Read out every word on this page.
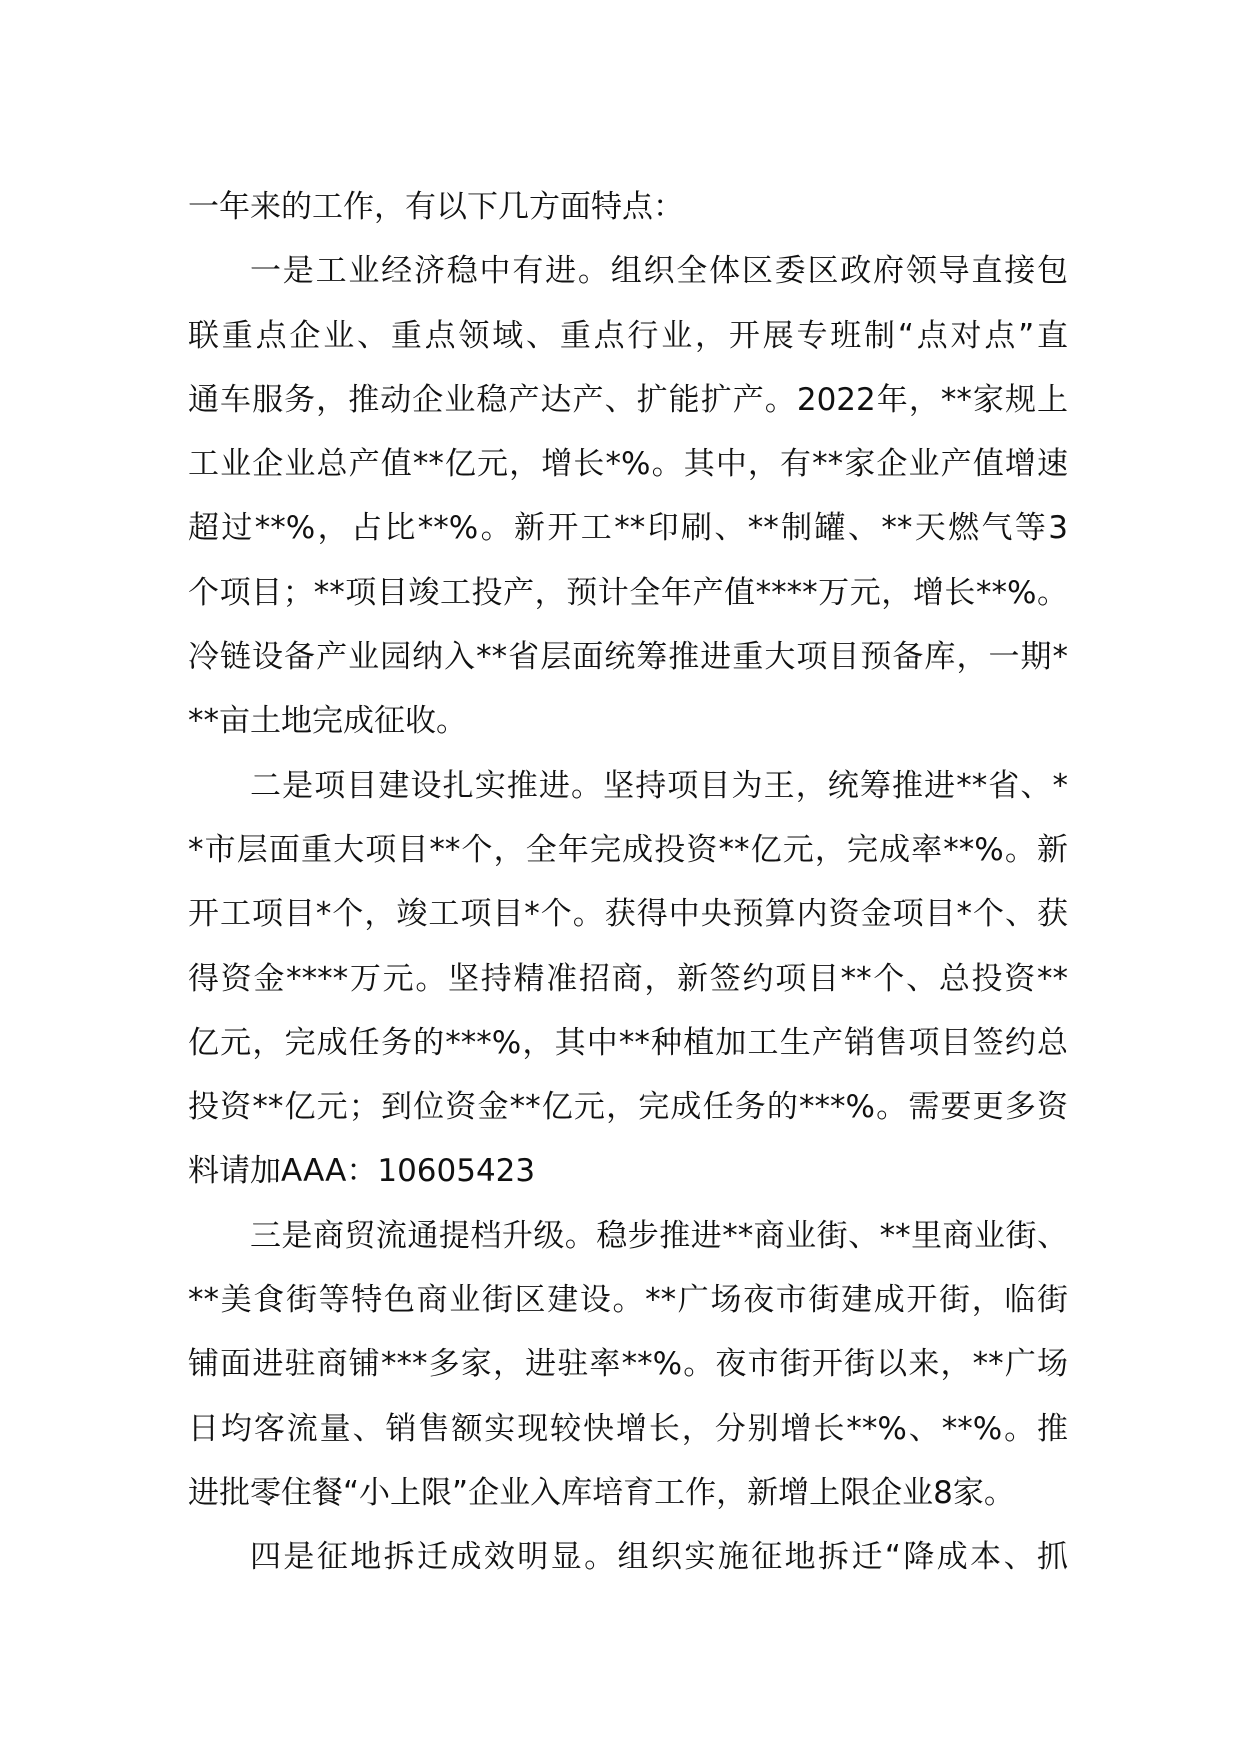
一年来的工作，有以下几方面特点：
一是工业经济稳中有进。组织全体区委区政府领导直接包
联重点企业、重点领域、重点行业，开展专班制“点对点”直
通车服务，推动企业稳产达产、扩能扩产。2022年，**家规上
工业企业总产值**亿元，增长*%。其中，有**家企业产值增速
超过**%，占比**%。新开工**印刷、**制罐、**天燃气等3
个项目；**项目竣工投产，预计全年产值****万元，增长**%。
冷链设备产业园纳入**省层面统筹推进重大项目预备库，一期*
**亩土地完成征收。
二是项目建设扎实推进。坚持项目为王，统筹推进**省、*
*市层面重大项目**个，全年完成投资**亿元，完成率**%。新
开工项目*个，竣工项目*个。获得中央预算内资金项目*个、获
得资金****万元。坚持精准招商，新签约项目**个、总投资**
亿元，完成任务的***%，其中**种植加工生产销售项目签约总
投资**亿元；到位资金**亿元，完成任务的***%。需要更多资
料请加AAA：10605423
三是商贸流通提档升级。稳步推进**商业街、**里商业街、
**美食街等特色商业街区建设。**广场夜市街建成开街，临街
铺面进驻商铺***多家，进驻率**%。夜市街开街以来，**广场
日均客流量、销售额实现较快增长，分别增长**%、**%。推
进批零住餐“小上限”企业入库培育工作，新增上限企业8家。
四是征地拆迁成效明显。组织实施征地拆迁“降成本、抓
